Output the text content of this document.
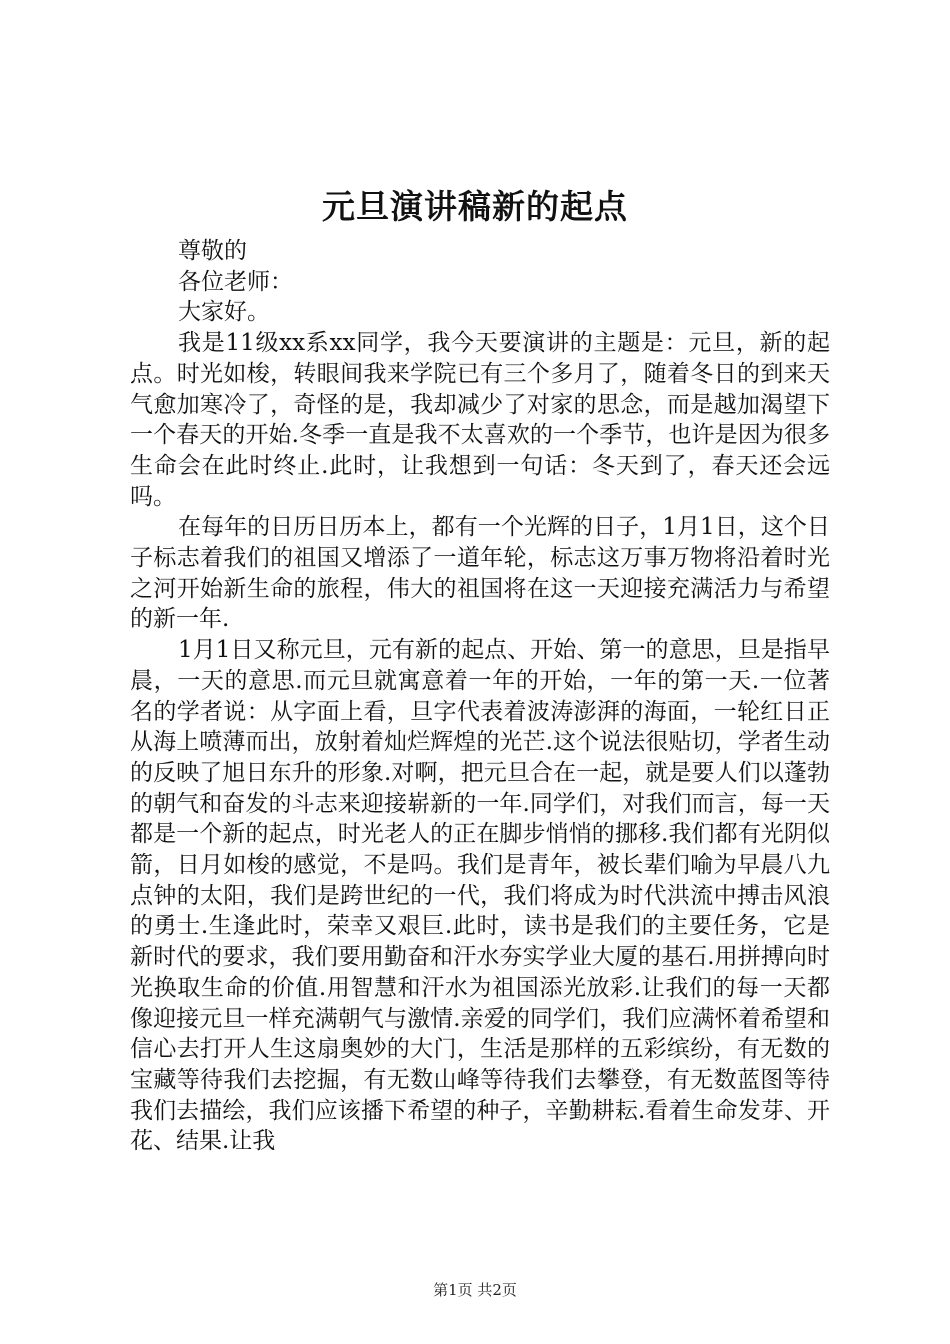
元旦演讲稿新的起点

尊敬的

各位老师：

大家好。

我是11级xx系xx同学，我今天要演讲的主题是：元旦，新的起点。时光如梭，转眼间我来学院已有三个多月了，随着冬日的到来天气愈加寒冷了，奇怪的是，我却减少了对家的思念，而是越加渴望下一个春天的开始.冬季一直是我不太喜欢的一个季节，也许是因为很多生命会在此时终止.此时，让我想到一句话：冬天到了，春天还会远吗。

在每年的日历日历本上，都有一个光辉的日子，1月1日，这个日子标志着我们的祖国又增添了一道年轮，标志这万事万物将沿着时光之河开始新生命的旅程，伟大的祖国将在这一天迎接充满活力与希望的新一年.

1月1日又称元旦，元有新的起点、开始、第一的意思，旦是指早晨，一天的意思.而元旦就寓意着一年的开始，一年的第一天.一位著名的学者说：从字面上看，旦字代表着波涛澎湃的海面，一轮红日正从海上喷薄而出，放射着灿烂辉煌的光芒.这个说法很贴切，学者生动的反映了旭日东升的形象.对啊，把元旦合在一起，就是要人们以蓬勃的朝气和奋发的斗志来迎接崭新的一年.同学们，对我们而言，每一天都是一个新的起点，时光老人的正在脚步悄悄的挪移.我们都有光阴似箭，日月如梭的感觉，不是吗。我们是青年，被长辈们喻为早晨八九点钟的太阳，我们是跨世纪的一代，我们将成为时代洪流中搏击风浪的勇士.生逢此时，荣幸又艰巨.此时，读书是我们的主要任务，它是新时代的要求，我们要用勤奋和汗水夯实学业大厦的基石.用拼搏向时光换取生命的价值.用智慧和汗水为祖国添光放彩.让我们的每一天都像迎接元旦一样充满朝气与激情.亲爱的同学们，我们应满怀着希望和信心去打开人生这扇奥妙的大门，生活是那样的五彩缤纷，有无数的宝藏等待我们去挖掘，有无数山峰等待我们去攀登，有无数蓝图等待我们去描绘，我们应该播下希望的种子，辛勤耕耘.看着生命发芽、开花、结果.让我

第1页 共2页
